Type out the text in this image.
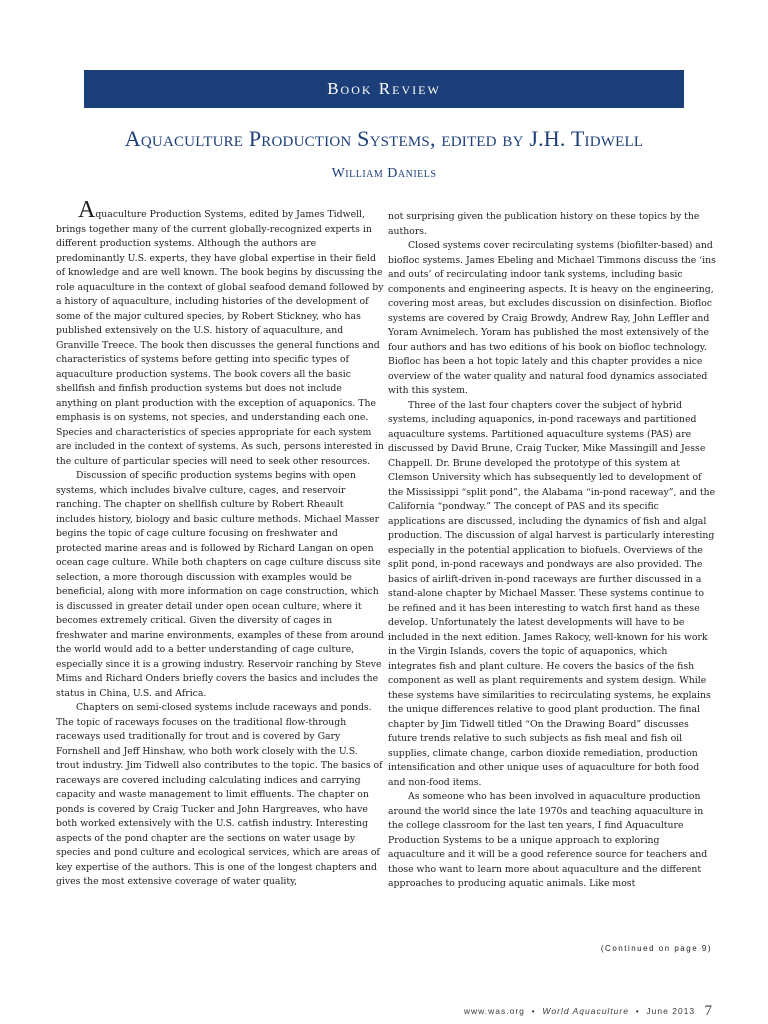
Book Review
Aquaculture Production Systems, edited by J.H. Tidwell
William Daniels

Aquaculture Production Systems, edited by James Tidwell, brings together many of the current globally-recognized experts in different production systems. Although the authors are predominantly U.S. experts, they have global expertise in their field of knowledge and are well known. The book begins by discussing the role aquaculture in the context of global seafood demand followed by a history of aquaculture, including histories of the development of some of the major cultured species, by Robert Stickney, who has published extensively on the U.S. history of aquaculture, and Granville Treece. The book then discusses the general functions and characteristics of systems before getting into specific types of aquaculture production systems. The book covers all the basic shellfish and finfish production systems but does not include anything on plant production with the exception of aquaponics. The emphasis is on systems, not species, and understanding each one. Species and characteristics of species appropriate for each system are included in the context of systems. As such, persons interested in the culture of particular species will need to seek other resources.

Discussion of specific production systems begins with open systems, which includes bivalve culture, cages, and reservoir ranching. The chapter on shellfish culture by Robert Rheault includes history, biology and basic culture methods. Michael Masser begins the topic of cage culture focusing on freshwater and protected marine areas and is followed by Richard Langan on open ocean cage culture. While both chapters on cage culture discuss site selection, a more thorough discussion with examples would be beneficial, along with more information on cage construction, which is discussed in greater detail under open ocean culture, where it becomes extremely critical. Given the diversity of cages in freshwater and marine environments, examples of these from around the world would add to a better understanding of cage culture, especially since it is a growing industry. Reservoir ranching by Steve Mims and Richard Onders briefly covers the basics and includes the status in China, U.S. and Africa.

Chapters on semi-closed systems include raceways and ponds. The topic of raceways focuses on the traditional flow-through raceways used traditionally for trout and is covered by Gary Fornshell and Jeff Hinshaw, who both work closely with the U.S. trout industry. Jim Tidwell also contributes to the topic. The basics of raceways are covered including calculating indices and carrying capacity and waste management to limit effluents. The chapter on ponds is covered by Craig Tucker and John Hargreaves, who have both worked extensively with the U.S. catfish industry. Interesting aspects of the pond chapter are the sections on water usage by species and pond culture and ecological services, which are areas of key expertise of the authors. This is one of the longest chapters and gives the most extensive coverage of water quality,

not surprising given the publication history on these topics by the authors.

Closed systems cover recirculating systems (biofilter-based) and biofloc systems. James Ebeling and Michael Timmons discuss the ‘ins and outs’ of recirculating indoor tank systems, including basic components and engineering aspects. It is heavy on the engineering, covering most areas, but excludes discussion on disinfection. Biofloc systems are covered by Craig Browdy, Andrew Ray, John Leffler and Yoram Avnimelech. Yoram has published the most extensively of the four authors and has two editions of his book on biofloc technology. Biofloc has been a hot topic lately and this chapter provides a nice overview of the water quality and natural food dynamics associated with this system.

Three of the last four chapters cover the subject of hybrid systems, including aquaponics, in-pond raceways and partitioned aquaculture systems. Partitioned aquaculture systems (PAS) are discussed by David Brune, Craig Tucker, Mike Massingill and Jesse Chappell. Dr. Brune developed the prototype of this system at Clemson University which has subsequently led to development of the Mississippi “split pond”, the Alabama “in-pond raceway”, and the California “pondway.” The concept of PAS and its specific applications are discussed, including the dynamics of fish and algal production. The discussion of algal harvest is particularly interesting especially in the potential application to biofuels. Overviews of the split pond, in-pond raceways and pondways are also provided. The basics of airlift-driven in-pond raceways are further discussed in a stand-alone chapter by Michael Masser. These systems continue to be refined and it has been interesting to watch first hand as these develop. Unfortunately the latest developments will have to be included in the next edition. James Rakocy, well-known for his work in the Virgin Islands, covers the topic of aquaponics, which integrates fish and plant culture. He covers the basics of the fish component as well as plant requirements and system design. While these systems have similarities to recirculating systems, he explains the unique differences relative to good plant production. The final chapter by Jim Tidwell titled “On the Drawing Board” discusses future trends relative to such subjects as fish meal and fish oil supplies, climate change, carbon dioxide remediation, production intensification and other unique uses of aquaculture for both food and non-food items.

As someone who has been involved in aquaculture production around the world since the late 1970s and teaching aquaculture in the college classroom for the last ten years, I find Aquaculture Production Systems to be a unique approach to exploring aquaculture and it will be a good reference source for teachers and those who want to learn more about aquaculture and the different approaches to producing aquatic animals. Like most

(Continued on page 9)
www.was.org • World Aquaculture • June 2013 7
